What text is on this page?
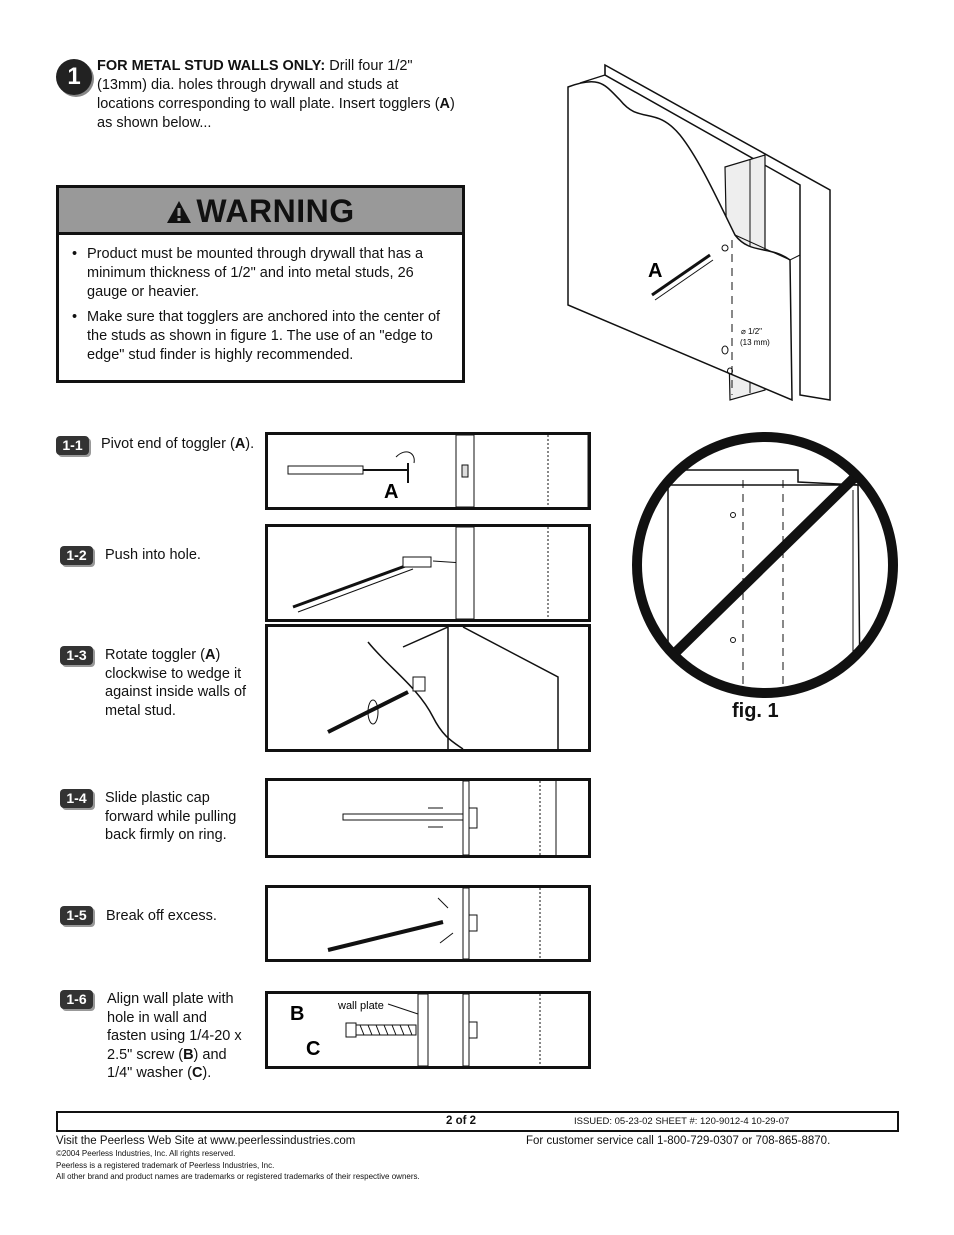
1	FOR METAL STUD WALLS ONLY: Drill four 1/2" (13mm) dia. holes through drywall and studs at locations corresponding to wall plate. Insert togglers (A) as shown below...
WARNING
• Product must be mounted through drywall that has a minimum thickness of 1/2" and into metal studs, 26 gauge or heavier.
• Make sure that togglers are anchored into the center of the studs as shown in figure 1. The use of an "edge to edge" stud finder is highly recommended.
A
⌀ 1/2"
(13 mm)
fig. 1
1-1	Pivot end of toggler (A).
A
1-2	Push into hole.
1-3	Rotate toggler (A) clockwise to wedge it against inside walls of metal stud.
1-4	Slide plastic cap forward while pulling back firmly on ring.
1-5	Break off excess.
1-6	Align wall plate with hole in wall and fasten using 1/4-20 x 2.5" screw (B) and 1/4" washer (C).
B
C
wall plate
2 of 2	ISSUED: 05-23-02 SHEET #: 120-9012-4 10-29-07
Visit the Peerless Web Site at www.peerlessindustries.com	For customer service call 1-800-729-0307 or 708-865-8870.
©2004 Peerless Industries, Inc. All rights reserved.
Peerless is a registered trademark of Peerless Industries, Inc.
All other brand and product names are trademarks or registered trademarks of their respective owners.
